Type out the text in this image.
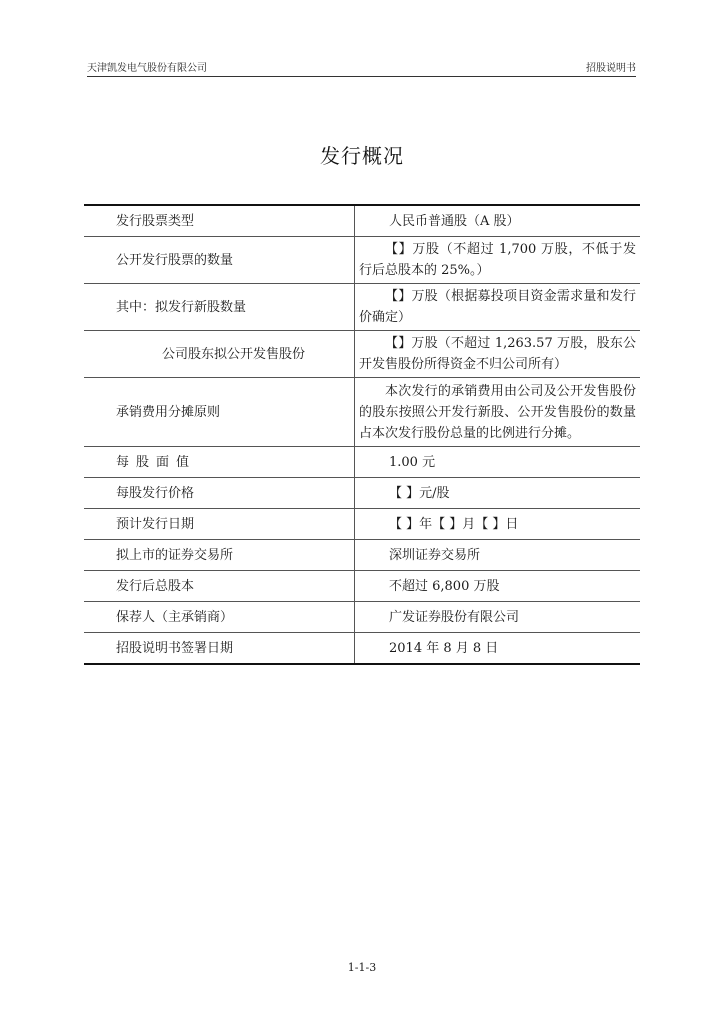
天津凯发电气股份有限公司	招股说明书
发行概况
发行股票类型	人民币普通股（A 股）

公开发行股票的数量	【】万股（不超过 1,700 万股，不低于发行后总股本的 25%。）

其中：拟发行新股数量	【】万股（根据募投项目资金需求量和发行价确定）

公司股东拟公开发售股份	【】万股（不超过 1,263.57 万股，股东公开发售股份所得资金不归公司所有）

承销费用分摊原则	本次发行的承销费用由公司及公开发售股份的股东按照公开发行新股、公开发售股份的数量占本次发行股份总量的比例进行分摊。

每股面值	1.00 元

每股发行价格	【 】元/股

预计发行日期	【 】年【 】月【 】日

拟上市的证券交易所	深圳证券交易所

发行后总股本	不超过 6,800 万股

保荐人（主承销商）	广发证券股份有限公司

招股说明书签署日期	2014 年 8 月 8 日
1-1-3
